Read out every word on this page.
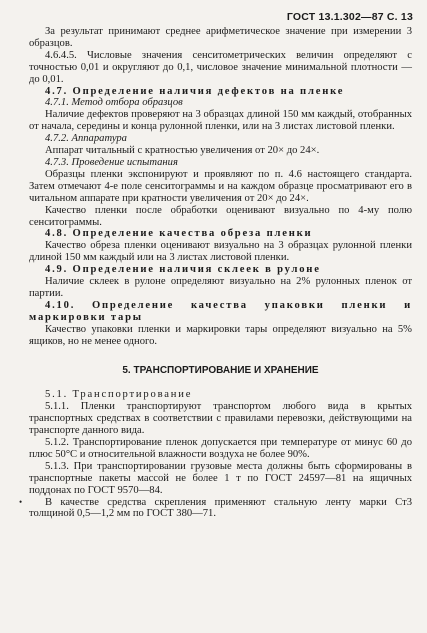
ГОСТ 13.1.302—87 С. 13

За результат принимают среднее арифметическое значение при измерении 3 образцов.

4.6.4.5. Числовые значения сенситометрических величин определяют с точностью 0,01 и округляют до 0,1, числовое значение минимальной плотности — до 0,01.

4.7. Определение наличия дефектов на пленке

4.7.1. Метод отбора образцов

Наличие дефектов проверяют на 3 образцах длиной 150 мм каждый, отобранных от начала, середины и конца рулонной пленки, или на 3 листах листовой пленки.

4.7.2. Аппаратура

Аппарат читальный с кратностью увеличения от 20× до 24×.

4.7.3. Проведение испытания

Образцы пленки экспонируют и проявляют по п. 4.6 настоящего стандарта. Затем отмечают 4-е поле сенситограммы и на каждом образце просматривают его в читальном аппарате при кратности увеличения от 20× до 24×.

Качество пленки после обработки оценивают визуально по 4-му полю сенситограммы.

4.8. Определение качества обреза пленки

Качество обреза пленки оценивают визуально на 3 образцах рулонной пленки длиной 150 мм каждый или на 3 листах листовой пленки.

4.9. Определение наличия склеек в рулоне

Наличие склеек в рулоне определяют визуально на 2% рулонных пленок от партии.

4.10. Определение качества упаковки пленки и маркировки тары

Качество упаковки пленки и маркировки тары определяют визуально на 5% ящиков, но не менее одного.

5. ТРАНСПОРТИРОВАНИЕ И ХРАНЕНИЕ

5.1. Транспортирование

5.1.1. Пленки транспортируют транспортом любого вида в крытых транспортных средствах в соответствии с правилами перевозки, действующими на транспорте данного вида.

5.1.2. Транспортирование пленок допускается при температуре от минус 60 до плюс 50°С и относительной влажности воздуха не более 90%.

5.1.3. При транспортировании грузовые места должны быть сформированы в транспортные пакеты массой не более 1 т по ГОСТ 24597—81 на ящичных поддонах по ГОСТ 9570—84.

•	В качестве средства скрепления применяют стальную ленту марки Ст3 толщиной 0,5—1,2 мм по ГОСТ 380—71.
